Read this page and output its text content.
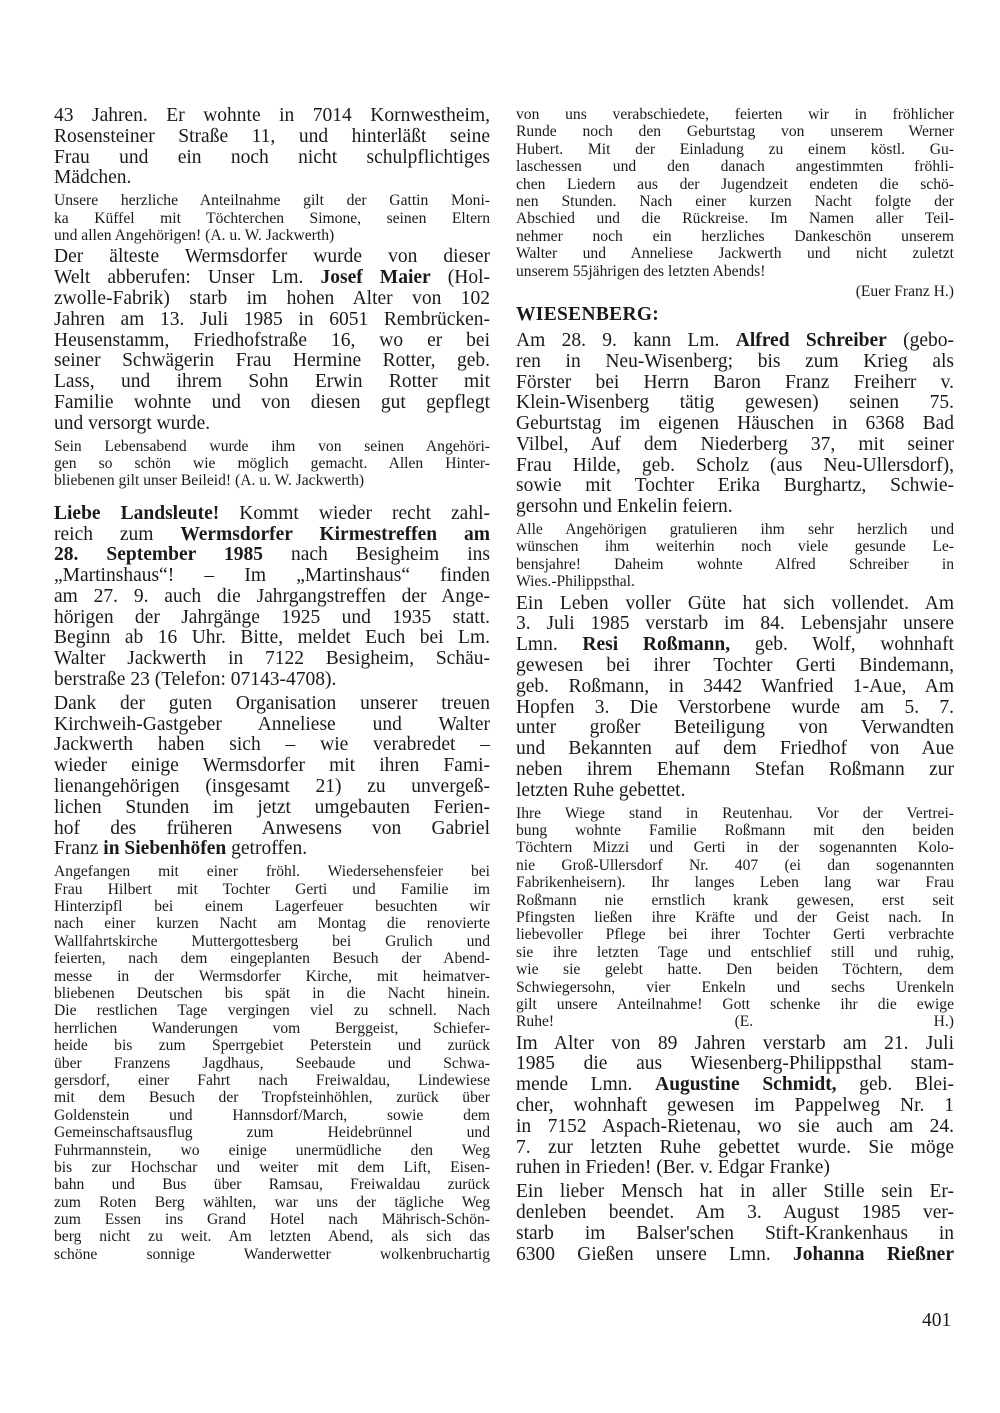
43 Jahren. Er wohnte in 7014 Kornwestheim,
Rosensteiner Straße 11, und hinterläßt seine
Frau und ein noch nicht schulpflichtiges
Mädchen.
Unsere herzliche Anteilnahme gilt der Gattin Moni-
ka Küffel mit Töchterchen Simone, seinen Eltern
und allen Angehörigen! (A. u. W. Jackwerth)
Der älteste Wermsdorfer wurde von dieser
Welt abberufen: Unser Lm. Josef Maier (Hol-
zwolle-Fabrik) starb im hohen Alter von 102
Jahren am 13. Juli 1985 in 6051 Rembrücken-
Heusenstamm, Friedhofstraße 16, wo er bei
seiner Schwägerin Frau Hermine Rotter, geb.
Lass, und ihrem Sohn Erwin Rotter mit
Familie wohnte und von diesen gut gepflegt
und versorgt wurde.
Sein Lebensabend wurde ihm von seinen Angehöri-
gen so schön wie möglich gemacht. Allen Hinter-
bliebenen gilt unser Beileid! (A. u. W. Jackwerth)
Liebe Landsleute! Kommt wieder recht zahl-
reich zum Wermsdorfer Kirmestreffen am
28. September 1985 nach Besigheim ins
„Martinshaus“! – Im „Martinshaus“ finden
am 27. 9. auch die Jahrgangstreffen der Ange-
hörigen der Jahrgänge 1925 und 1935 statt.
Beginn ab 16 Uhr. Bitte, meldet Euch bei Lm.
Walter Jackwerth in 7122 Besigheim, Schäu-
berstraße 23 (Telefon: 07143-4708).
Dank der guten Organisation unserer treuen
Kirchweih-Gastgeber Anneliese und Walter
Jackwerth haben sich – wie verabredet –
wieder einige Wermsdorfer mit ihren Fami-
lienangehörigen (insgesamt 21) zu unvergeß-
lichen Stunden im jetzt umgebauten Ferien-
hof des früheren Anwesens von Gabriel
Franz in Siebenhöfen getroffen.
Angefangen mit einer fröhl. Wiedersehensfeier bei
Frau Hilbert mit Tochter Gerti und Familie im
Hinterzipfl bei einem Lagerfeuer besuchten wir
nach einer kurzen Nacht am Montag die renovierte
Wallfahrtskirche Muttergottesberg bei Grulich und
feierten, nach dem eingeplanten Besuch der Abend-
messe in der Wermsdorfer Kirche, mit heimatver-
bliebenen Deutschen bis spät in die Nacht hinein.
Die restlichen Tage vergingen viel zu schnell. Nach
herrlichen Wanderungen vom Berggeist, Schiefer-
heide bis zum Sperrgebiet Peterstein und zurück
über Franzens Jagdhaus, Seebaude und Schwa-
gersdorf, einer Fahrt nach Freiwaldau, Lindewiese
mit dem Besuch der Tropfsteinhöhlen, zurück über
Goldenstein und Hannsdorf/March, sowie dem
Gemeinschaftsausflug zum Heidebrünnel und
Fuhrmannstein, wo einige unermüdliche den Weg
bis zur Hochschar und weiter mit dem Lift, Eisen-
bahn und Bus über Ramsau, Freiwaldau zurück
zum Roten Berg wählten, war uns der tägliche Weg
zum Essen ins Grand Hotel nach Mährisch-Schön-
berg nicht zu weit. Am letzten Abend, als sich das
schöne sonnige Wanderwetter wolkenbruchartig
von uns verabschiedete, feierten wir in fröhlicher
Runde noch den Geburtstag von unserem Werner
Hubert. Mit der Einladung zu einem köstl. Gu-
laschessen und den danach angestimmten fröhli-
chen Liedern aus der Jugendzeit endeten die schö-
nen Stunden. Nach einer kurzen Nacht folgte der
Abschied und die Rückreise. Im Namen aller Teil-
nehmer noch ein herzliches Dankeschön unserem
Walter und Anneliese Jackwerth und nicht zuletzt
unserem 55jährigen des letzten Abends!
(Euer Franz H.)
WIESENBERG:
Am 28. 9. kann Lm. Alfred Schreiber (gebo-
ren in Neu-Wisenberg; bis zum Krieg als
Förster bei Herrn Baron Franz Freiherr v.
Klein-Wisenberg tätig gewesen) seinen 75.
Geburtstag im eigenen Häuschen in 6368 Bad
Vilbel, Auf dem Niederberg 37, mit seiner
Frau Hilde, geb. Scholz (aus Neu-Ullersdorf),
sowie mit Tochter Erika Burghartz, Schwie-
gersohn und Enkelin feiern.
Alle Angehörigen gratulieren ihm sehr herzlich und
wünschen ihm weiterhin noch viele gesunde Le-
bensjahre! Daheim wohnte Alfred Schreiber in
Wies.-Philippsthal.
Ein Leben voller Güte hat sich vollendet. Am
3. Juli 1985 verstarb im 84. Lebensjahr unsere
Lmn. Resi Roßmann, geb. Wolf, wohnhaft
gewesen bei ihrer Tochter Gerti Bindemann,
geb. Roßmann, in 3442 Wanfried 1-Aue, Am
Hopfen 3. Die Verstorbene wurde am 5. 7.
unter großer Beteiligung von Verwandten
und Bekannten auf dem Friedhof von Aue
neben ihrem Ehemann Stefan Roßmann zur
letzten Ruhe gebettet.
Ihre Wiege stand in Reutenhau. Vor der Vertrei-
bung wohnte Familie Roßmann mit den beiden
Töchtern Mizzi und Gerti in der sogenannten Kolo-
nie Groß-Ullersdorf Nr. 407 (ei dan sogenannten
Fabrikenheisern). Ihr langes Leben lang war Frau
Roßmann nie ernstlich krank gewesen, erst seit
Pfingsten ließen ihre Kräfte und der Geist nach. In
liebevoller Pflege bei ihrer Tochter Gerti verbrachte
sie ihre letzten Tage und entschlief still und ruhig,
wie sie gelebt hatte. Den beiden Töchtern, dem
Schwiegersohn, vier Enkeln und sechs Urenkeln
gilt unsere Anteilnahme! Gott schenke ihr die ewige
Ruhe! (E. H.)
Im Alter von 89 Jahren verstarb am 21. Juli
1985 die aus Wiesenberg-Philippsthal stam-
mende Lmn. Augustine Schmidt, geb. Blei-
cher, wohnhaft gewesen im Pappelweg Nr. 1
in 7152 Aspach-Rietenau, wo sie auch am 24.
7. zur letzten Ruhe gebettet wurde. Sie möge
ruhen in Frieden! (Ber. v. Edgar Franke)
Ein lieber Mensch hat in aller Stille sein Er-
denleben beendet. Am 3. August 1985 ver-
starb im Balser'schen Stift-Krankenhaus in
6300 Gießen unsere Lmn. Johanna Rießner
401
